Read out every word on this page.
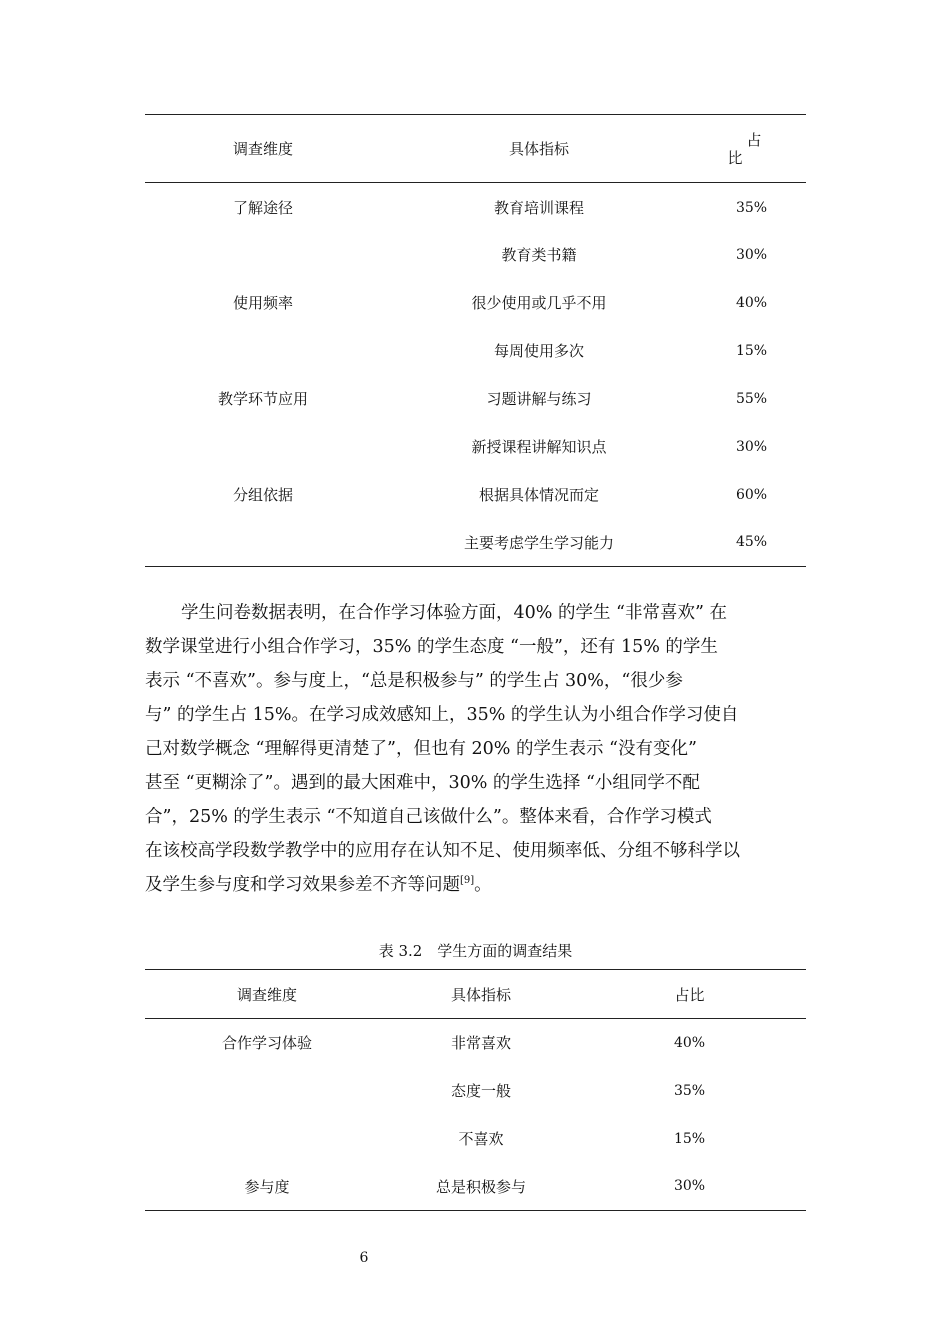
调查维度	具体指标	占
比

了解途径	教育培训课程	35%
	教育类书籍	30%
使用频率	很少使用或几乎不用	40%
	每周使用多次	15%
教学环节应用	习题讲解与练习	55%
	新授课程讲解知识点	30%
分组依据	根据具体情况而定	60%
	主要考虑学生学习能力	45%

学生问卷数据表明，在合作学习体验方面，40% 的学生 “非常喜欢” 在
数学课堂进行小组合作学习，35% 的学生态度 “一般”，还有 15% 的学生
表示 “不喜欢”。参与度上，“总是积极参与” 的学生占 30%，“很少参
与” 的学生占 15%。在学习成效感知上，35% 的学生认为小组合作学习使自
己对数学概念 “理解得更清楚了”，但也有 20% 的学生表示 “没有变化”
甚至 “更糊涂了”。遇到的最大困难中，30% 的学生选择 “小组同学不配
合”，25% 的学生表示 “不知道自己该做什么”。整体来看，合作学习模式
在该校高学段数学教学中的应用存在认知不足、使用频率低、分组不够科学以
及学生参与度和学习效果参差不齐等问题[9]。

表 3.2　学生方面的调查结果
调查维度	具体指标	占比
合作学习体验	非常喜欢	40%
	态度一般	35%
	不喜欢	15%
参与度	总是积极参与	30%
6
